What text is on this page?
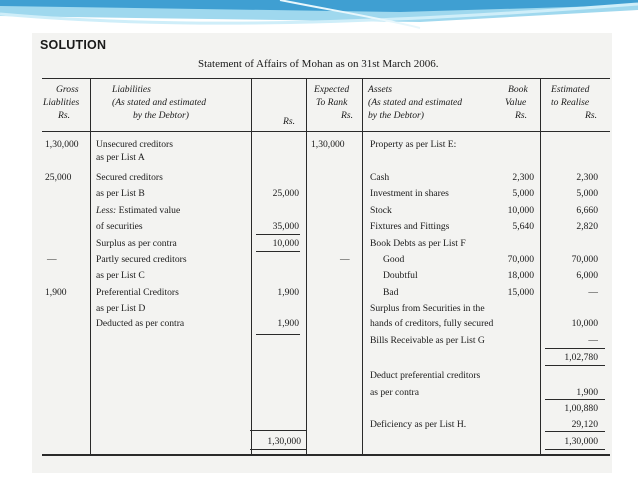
SOLUTION
Statement of Affairs of Mohan as on 31st March 2006.
Gross
Liablities
Rs.
Liabilities
(As stated and estimated
by the Debtor)
Rs.
Expected
To Rank
Rs.
Assets
(As stated and estimated
by the Debtor)
Book
Value
Rs.
Estimated
to Realise
Rs.
1,30,000
25,000
—
1,900
Unsecured creditors
as per List A
Secured creditors
as per List B
Less: Estimated value
of securities
Surplus as per contra
Partly secured creditors
as per List C
Preferential Creditors
as per List D
Deducted as per contra
25,000
35,000
10,000
1,900
1,900
1,30,000
1,30,000
—
Property as per List E:
Cash
Investment in shares
Stock
Fixtures and Fittings
Book Debts as per List F
Good
Doubtful
Bad
Surplus from Securities in the
hands of creditors, fully secured
Bills Receivable as per List G
Deduct preferential creditors
as per contra
Deficiency as per List H.
2,300
5,000
10,000
5,640
70,000
18,000
15,000
2,300
5,000
6,660
2,820
70,000
6,000
—
10,000
—
1,02,780
1,900
1,00,880
29,120
1,30,000
